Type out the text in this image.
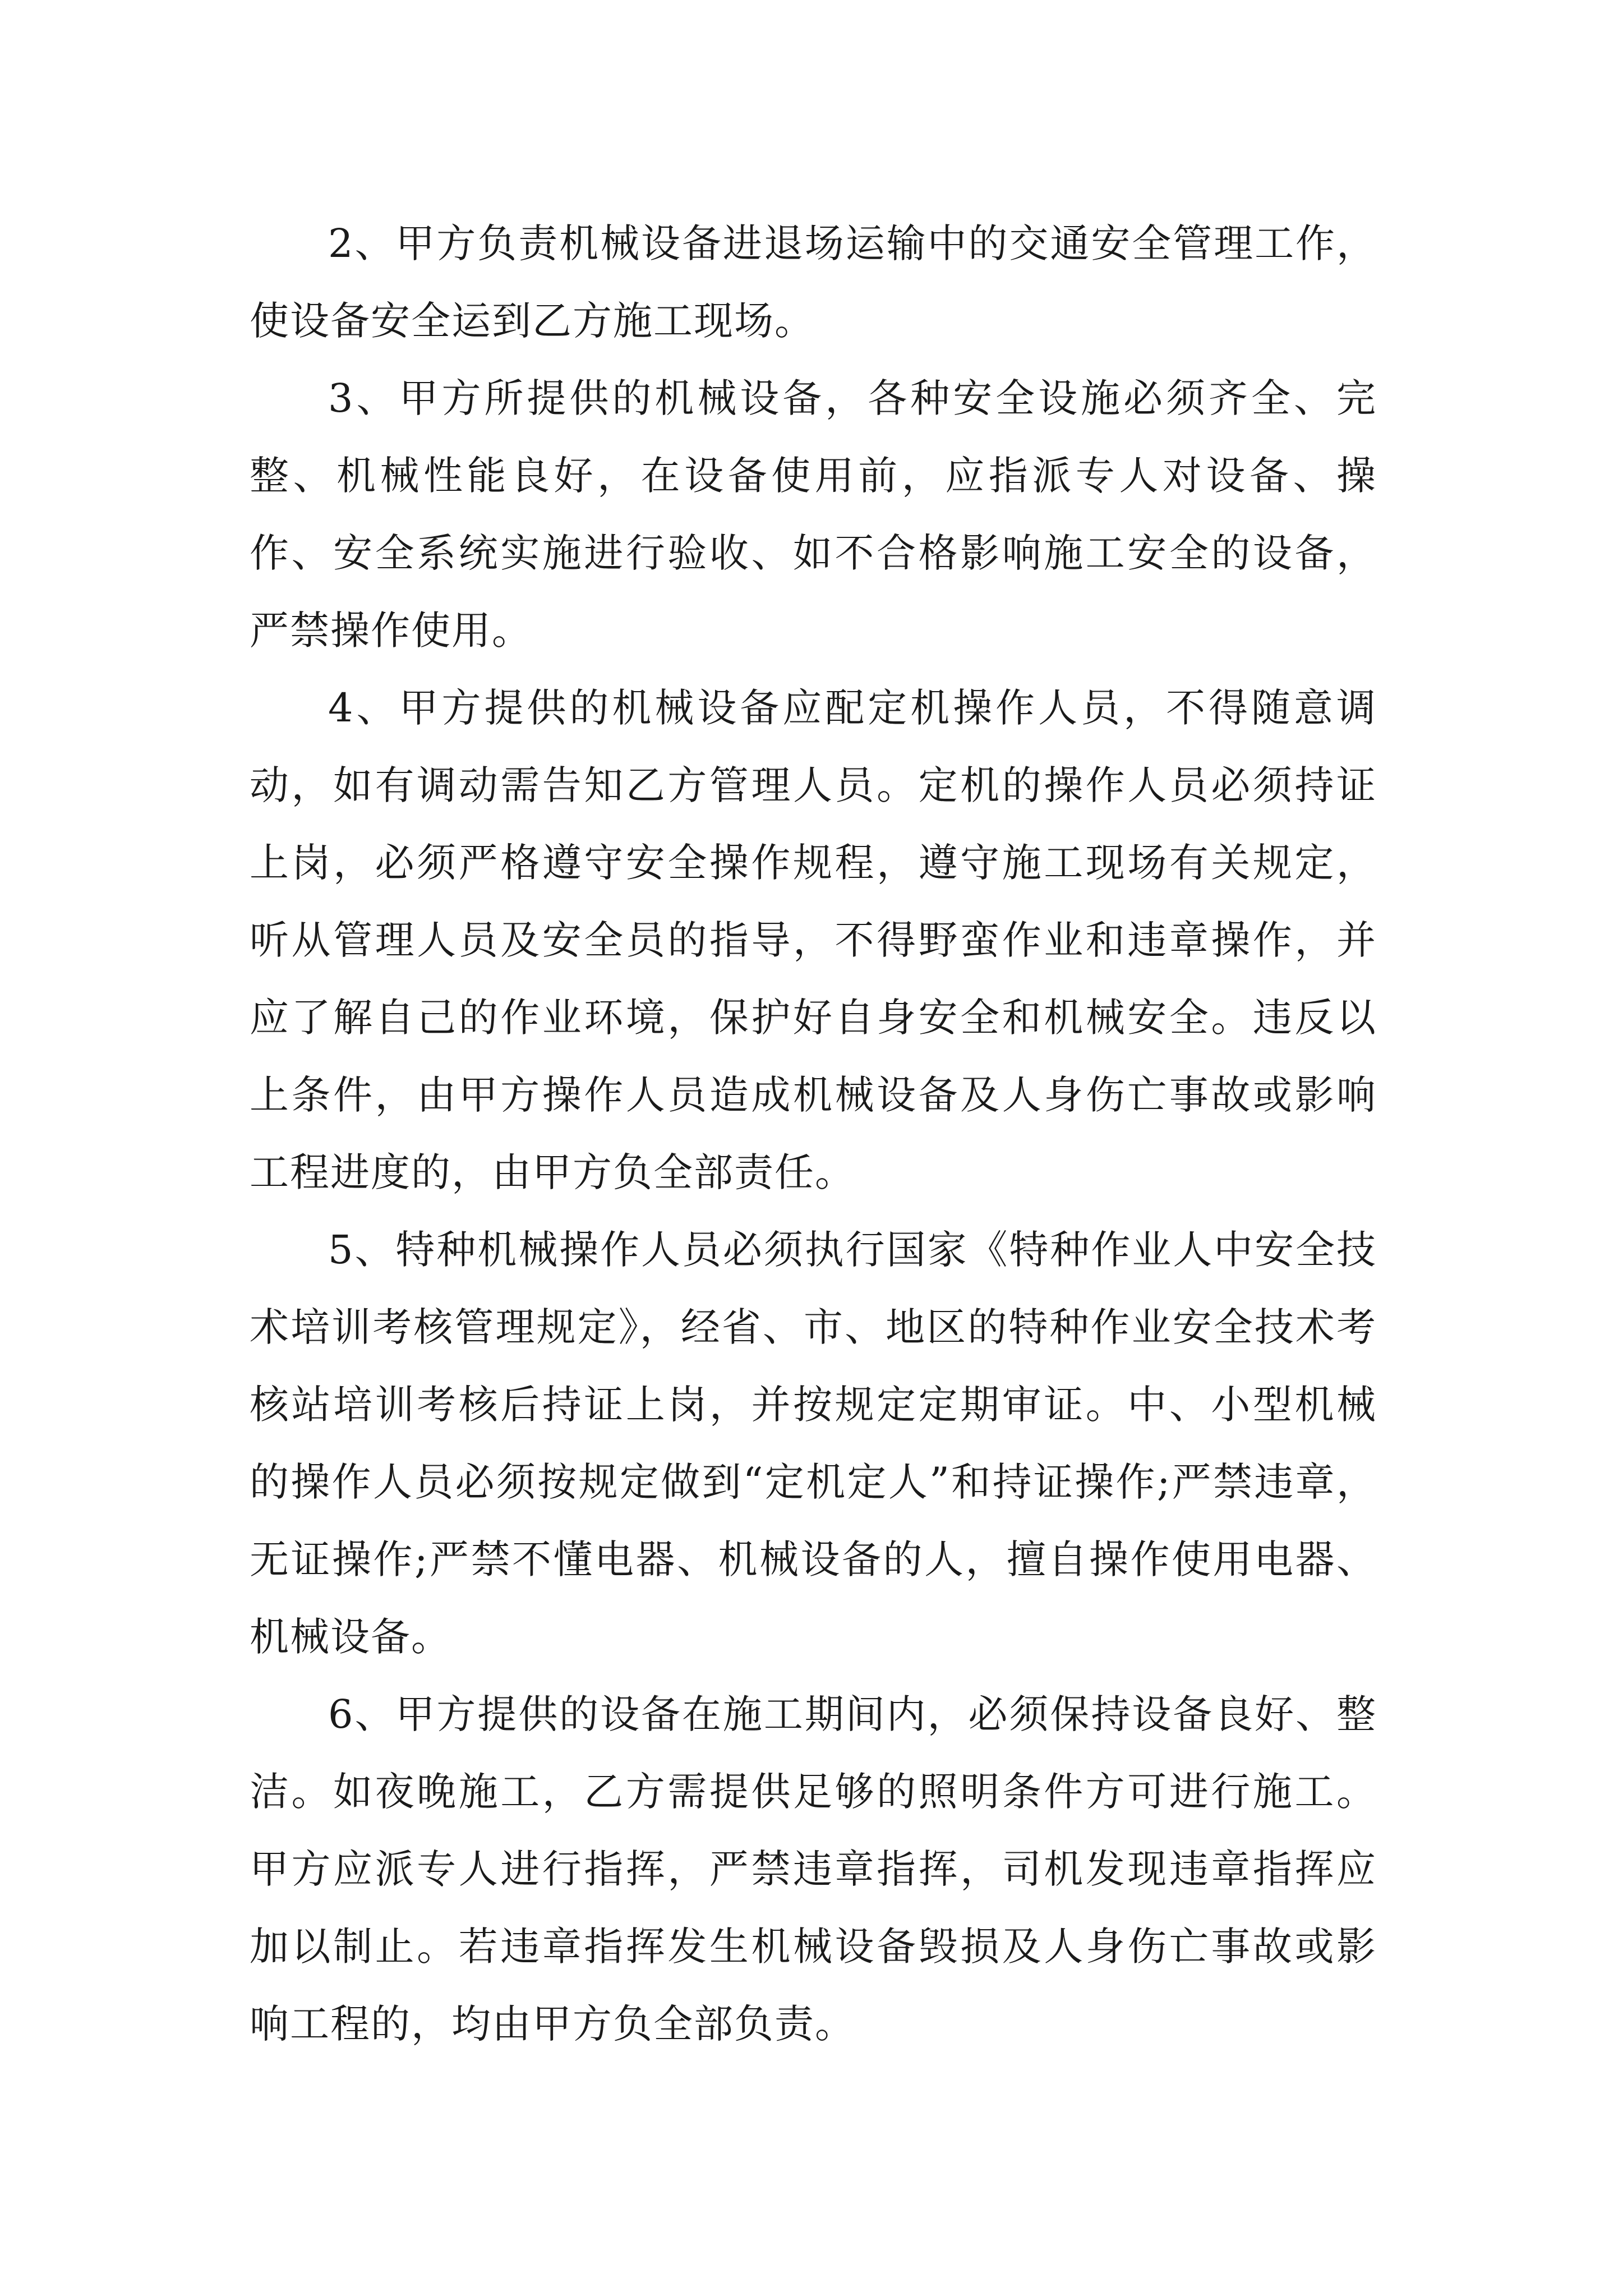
2、甲方负责机械设备进退场运输中的交通安全管理工作，使设备安全运到乙方施工现场。

3、甲方所提供的机械设备，各种安全设施必须齐全、完整、机械性能良好，在设备使用前，应指派专人对设备、操作、安全系统实施进行验收、如不合格影响施工安全的设备，严禁操作使用。

4、甲方提供的机械设备应配定机操作人员，不得随意调动，如有调动需告知乙方管理人员。定机的操作人员必须持证上岗，必须严格遵守安全操作规程，遵守施工现场有关规定，听从管理人员及安全员的指导，不得野蛮作业和违章操作，并应了解自己的作业环境，保护好自身安全和机械安全。违反以上条件，由甲方操作人员造成机械设备及人身伤亡事故或影响工程进度的，由甲方负全部责任。

5、特种机械操作人员必须执行国家《特种作业人中安全技术培训考核管理规定》，经省、市、地区的特种作业安全技术考核站培训考核后持证上岗，并按规定定期审证。中、小型机械的操作人员必须按规定做到“定机定人”和持证操作;严禁违章，无证操作;严禁不懂电器、机械设备的人，擅自操作使用电器、机械设备。

6、甲方提供的设备在施工期间内，必须保持设备良好、整洁。如夜晚施工，乙方需提供足够的照明条件方可进行施工。甲方应派专人进行指挥，严禁违章指挥，司机发现违章指挥应加以制止。若违章指挥发生机械设备毁损及人身伤亡事故或影响工程的，均由甲方负全部负责。
